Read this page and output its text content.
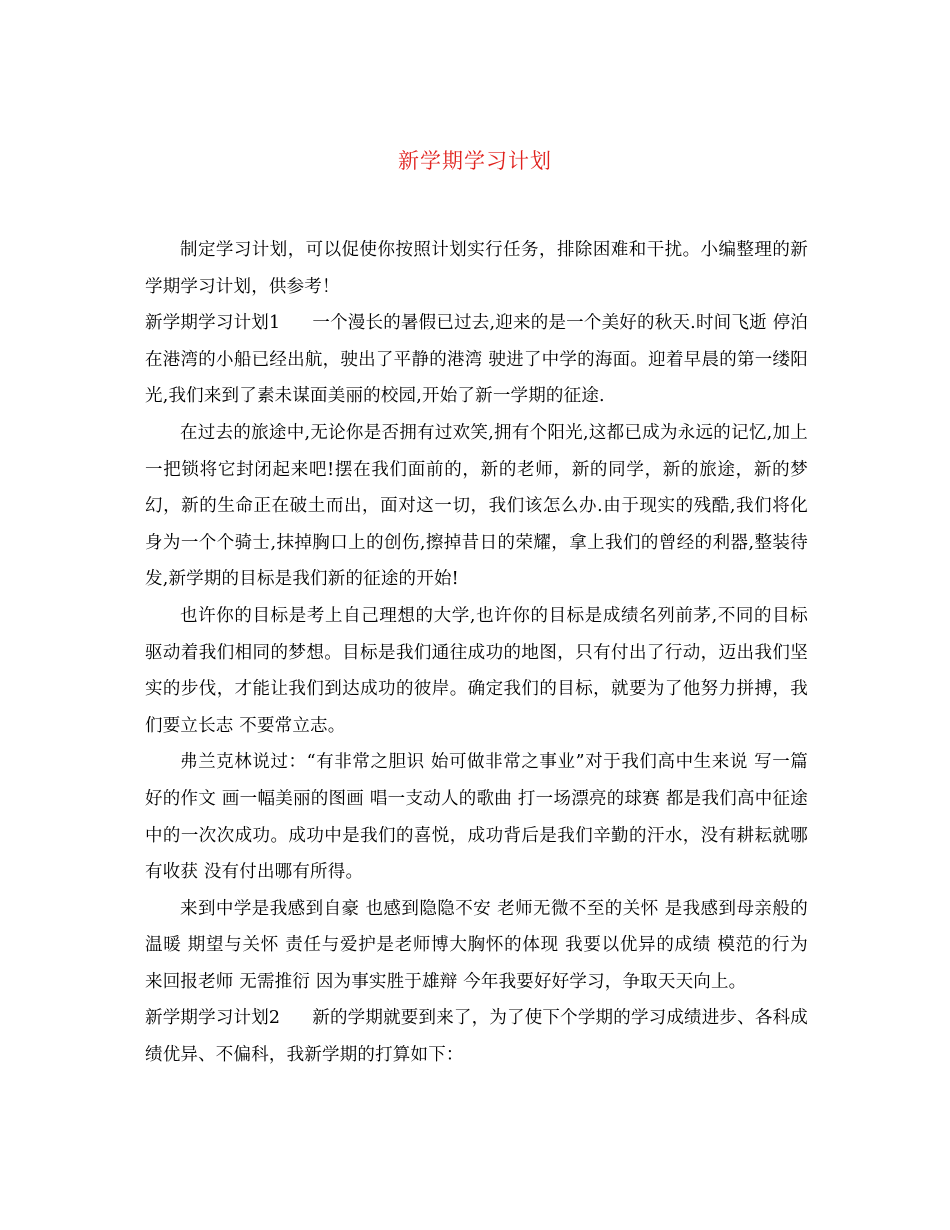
新学期学习计划

制定学习计划，可以促使你按照计划实行任务，排除困难和干扰。小编整理的新学期学习计划，供参考！

新学期学习计划1 一个漫长的暑假已过去,迎来的是一个美好的秋天.时间飞逝 停泊在港湾的小船已经出航，驶出了平静的港湾 驶进了中学的海面。迎着早晨的第一缕阳光,我们来到了素未谋面美丽的校园,开始了新一学期的征途.

在过去的旅途中,无论你是否拥有过欢笑,拥有个阳光,这都已成为永远的记忆,加上一把锁将它封闭起来吧!摆在我们面前的，新的老师，新的同学，新的旅途，新的梦幻，新的生命正在破土而出，面对这一切，我们该怎么办.由于现实的残酷,我们将化身为一个个骑士,抹掉胸口上的创伤,擦掉昔日的荣耀，拿上我们的曾经的利器,整装待发,新学期的目标是我们新的征途的开始!

也许你的目标是考上自己理想的大学,也许你的目标是成绩名列前茅,不同的目标驱动着我们相同的梦想。目标是我们通往成功的地图，只有付出了行动，迈出我们坚实的步伐，才能让我们到达成功的彼岸。确定我们的目标，就要为了他努力拼搏，我们要立长志 不要常立志。

弗兰克林说过：“有非常之胆识 始可做非常之事业”对于我们高中生来说 写一篇好的作文 画一幅美丽的图画 唱一支动人的歌曲 打一场漂亮的球赛 都是我们高中征途中的一次次成功。成功中是我们的喜悦，成功背后是我们辛勤的汗水，没有耕耘就哪有收获 没有付出哪有所得。

来到中学是我感到自豪 也感到隐隐不安 老师无微不至的关怀 是我感到母亲般的温暖 期望与关怀 责任与爱护是老师博大胸怀的体现 我要以优异的成绩 模范的行为 来回报老师 无需推衍 因为事实胜于雄辩 今年我要好好学习，争取天天向上。

新学期学习计划2 新的学期就要到来了，为了使下个学期的学习成绩进步、各科成绩优异、不偏科，我新学期的打算如下：
